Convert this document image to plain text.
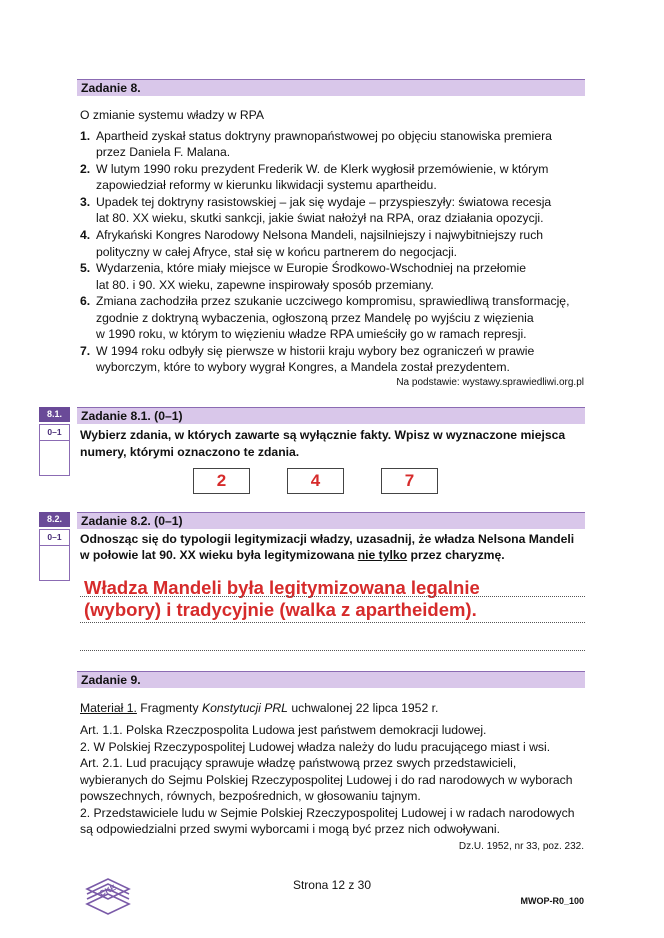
Zadanie 8.
O zmianie systemu władzy w RPA
1. Apartheid zyskał status doktryny prawnopaństwowej po objęciu stanowiska premiera
przez Daniela F. Malana.
2. W lutym 1990 roku prezydent Frederik W. de Klerk wygłosił przemówienie, w którym
zapowiedział reformy w kierunku likwidacji systemu apartheidu.
3. Upadek tej doktryny rasistowskiej – jak się wydaje – przyspieszyły: światowa recesja
lat 80. XX wieku, skutki sankcji, jakie świat nałożył na RPA, oraz działania opozycji.
4. Afrykański Kongres Narodowy Nelsona Mandeli, najsilniejszy i najwybitniejszy ruch
polityczny w całej Afryce, stał się w końcu partnerem do negocjacji.
5. Wydarzenia, które miały miejsce w Europie Środkowo-Wschodniej na przełomie
lat 80. i 90. XX wieku, zapewne inspirowały sposób przemiany.
6. Zmiana zachodziła przez szukanie uczciwego kompromisu, sprawiedliwą transformację,
zgodnie z doktryną wybaczenia, ogłoszoną przez Mandelę po wyjściu z więzienia
w 1990 roku, w którym to więzieniu władze RPA umieściły go w ramach represji.
7. W 1994 roku odbyły się pierwsze w historii kraju wybory bez ograniczeń w prawie
wyborczym, które to wybory wygrał Kongres, a Mandela został prezydentem.
Na podstawie: wystawy.sprawiedliwi.org.pl
8.1.
0–1
Zadanie 8.1. (0–1)
Wybierz zdania, w których zawarte są wyłącznie fakty. Wpisz w wyznaczone miejsca
numery, którymi oznaczono te zdania.
2	4	7
8.2.
0–1
Zadanie 8.2. (0–1)
Odnosząc się do typologii legitymizacji władzy, uzasadnij, że władza Nelsona Mandeli
w połowie lat 90. XX wieku była legitymizowana nie tylko przez charyzmę.
Władza Mandeli była legitymizowana legalnie
(wybory) i tradycyjnie (walka z apartheidem).
Zadanie 9.
Materiał 1. Fragmenty Konstytucji PRL uchwalonej 22 lipca 1952 r.
Art. 1.1. Polska Rzeczpospolita Ludowa jest państwem demokracji ludowej.
2. W Polskiej Rzeczypospolitej Ludowej władza należy do ludu pracującego miast i wsi.
Art. 2.1. Lud pracujący sprawuje władzę państwową przez swych przedstawicieli,
wybieranych do Sejmu Polskiej Rzeczypospolitej Ludowej i do rad narodowych w wyborach
powszechnych, równych, bezpośrednich, w głosowaniu tajnym.
2. Przedstawiciele ludu w Sejmie Polskiej Rzeczypospolitej Ludowej i w radach narodowych
są odpowiedzialni przed swymi wyborcami i mogą być przez nich odwoływani.
Dz.U. 1952, nr 33, poz. 232.
CKE	Strona 12 z 30
MWOP-R0_100
